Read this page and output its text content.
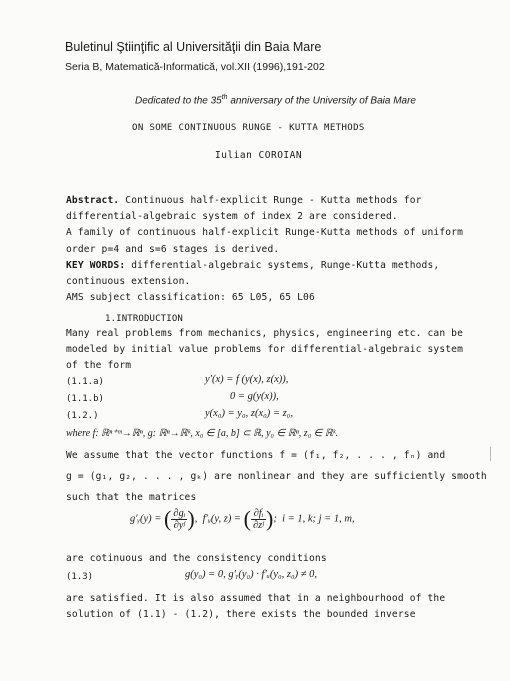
Buletinul Ştiinţific al Universităţii din Baia Mare
Seria B, Matematică-Informatică, vol.XII (1996),191-202
Dedicated to the 35th anniversary of the University of Baia Mare
ON SOME CONTINUOUS RUNGE - KUTTA METHODS
Iulian COROIAN
Abstract. Continuous half-explicit Runge - Kutta methods for
differential-algebraic system of index 2 are considered.
A family of continuous half-explicit Runge-Kutta methods of uniform
order p=4 and s=6 stages is derived.
KEY WORDS: differential-algebraic systems, Runge-Kutta methods,
continuous extension.
AMS subject classification: 65 L05, 65 L06
1.INTRODUCTION
Many real problems from mechanics, physics, engineering etc. can be
modeled by initial value problems for differential-algebraic system
of the form
(1.1.a)	y′(x) = f (y(x), z(x)),
(1.1.b)	0 = g(y(x)),
(1.2.)	y(x₀) = y₀, z(x₀) = z₀,
where f: ℝⁿ⁺ᵐ→ℝⁿ, g: ℝⁿ→ℝᵏ, x₀ ∈ [a, b] ⊂ ℝ, y₀ ∈ ℝⁿ, z₀ ∈ ℝᵏ.
We assume that the vector functions f = (f₁, f₂, . . . , fₙ) and
g = (g₁, g₂, . . . , gₖ) are nonlinear and they are sufficiently smooth
such that the matrices
g′ᵧ(y) = ( $\frac{\text{∂gᵢ}}{\text{∂yʲ}}$ ),  f′ᵤ(y, z) = ( $\frac{\text{∂fᵢ}}{\text{∂zʲ}}$ );  i = 1, k; j = 1, m,
are cotinuous and the consistency conditions
(1.3)	g(y₀) = 0, g′ᵧ(y₀) · f′ᵤ(y₀, z₀) ≠ 0,
are satisfied. It is also assumed that in a neighbourhood of the
solution of (1.1) - (1.2), there exists the bounded inverse
